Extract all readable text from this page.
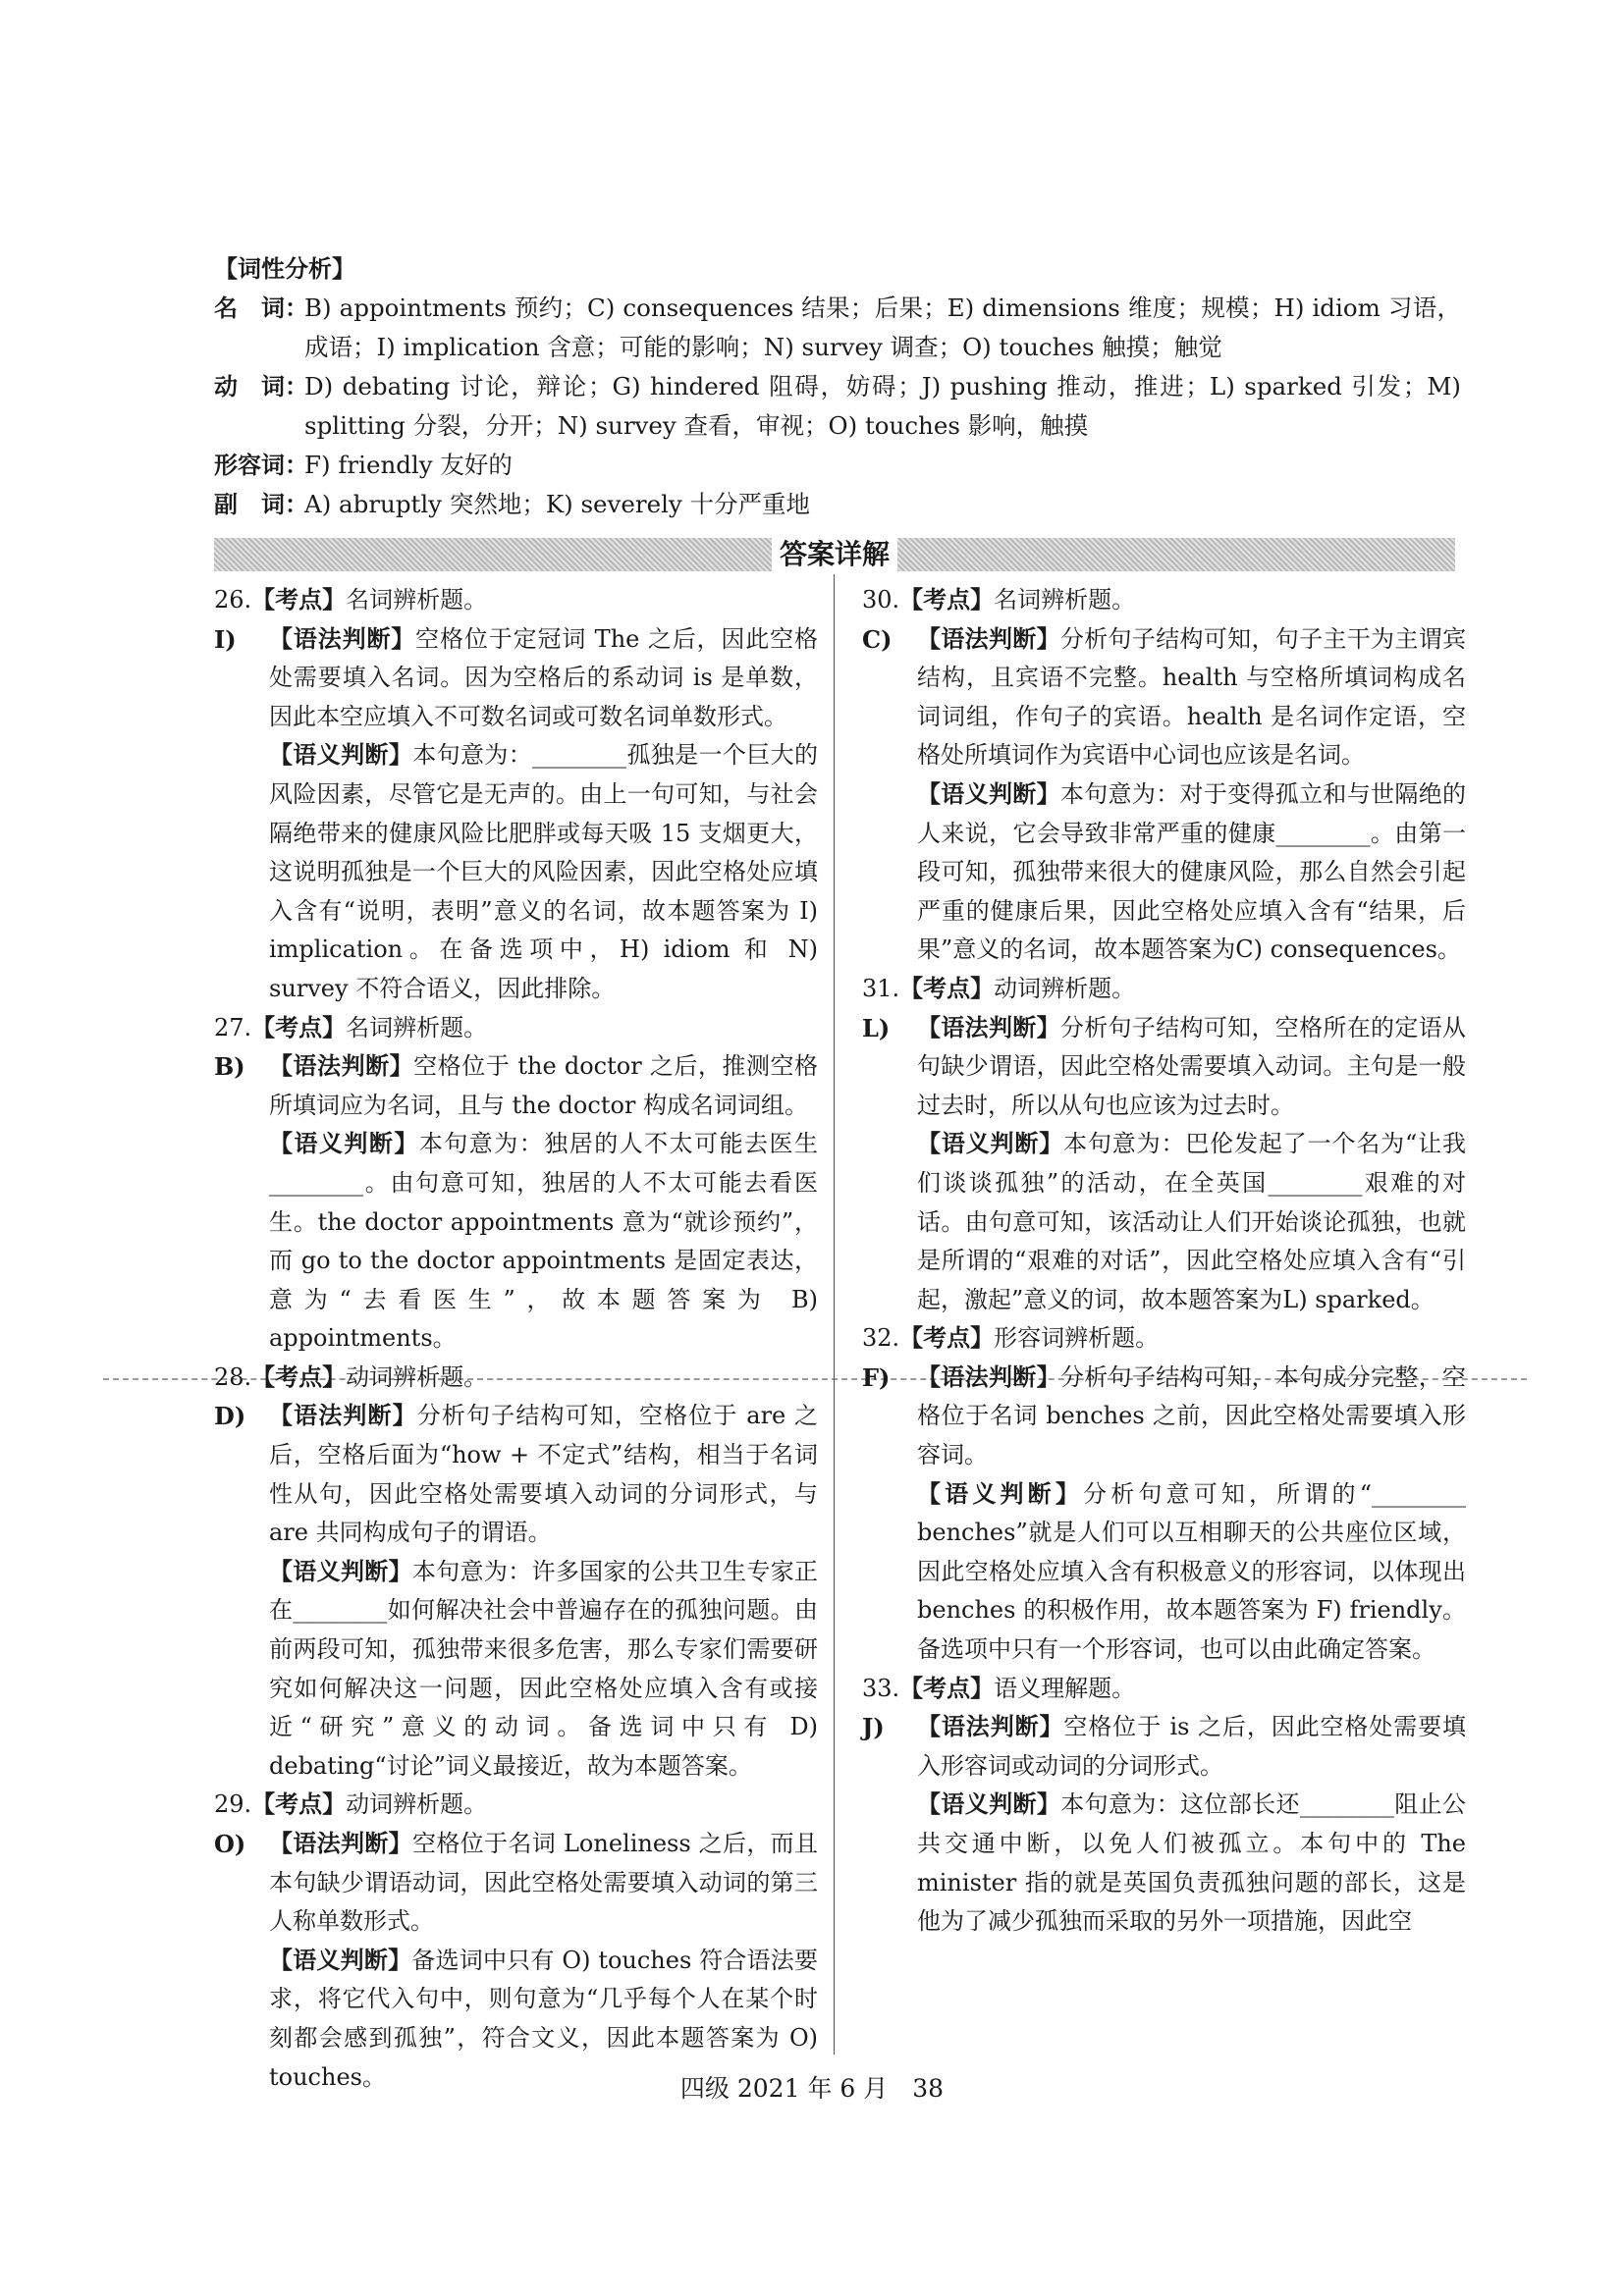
【词性分析】
名　词：
B) appointments 预约；C) consequences 结果；后果；E) dimensions 维度；规模；H) idiom 习语，成语；I) implication 含意；可能的影响；N) survey 调查；O) touches 触摸；触觉
动　词：
D) debating 讨论，辩论；G) hindered 阻碍，妨碍；J) pushing 推动，推进；L) sparked 引发；M) splitting 分裂，分开；N) survey 查看，审视；O) touches 影响，触摸
形容词：
F) friendly 友好的
副　词：
A) abruptly 突然地；K) severely 十分严重地
答案详解
26.【考点】名词辨析题。
I) 【语法判断】空格位于定冠词 The 之后，因此空格处需要填入名词。因为空格后的系动词 is 是单数，因此本空应填入不可数名词或可数名词单数形式。
【语义判断】本句意为：________孤独是一个巨大的风险因素，尽管它是无声的。由上一句可知，与社会隔绝带来的健康风险比肥胖或每天吸 15 支烟更大，这说明孤独是一个巨大的风险因素，因此空格处应填入含有“说明，表明”意义的名词，故本题答案为 I) implication。在备选项中，H) idiom 和 N) survey 不符合语义，因此排除。
27.【考点】名词辨析题。
B) 【语法判断】空格位于 the doctor 之后，推测空格所填词应为名词，且与 the doctor 构成名词词组。
【语义判断】本句意为：独居的人不太可能去医生________。由句意可知，独居的人不太可能去看医生。the doctor appointments 意为“就诊预约”，而 go to the doctor appointments 是固定表达，意为“去看医生”，故本题答案为 B) appointments。
28.【考点】动词辨析题。
D) 【语法判断】分析句子结构可知，空格位于 are 之后，空格后面为“how + 不定式”结构，相当于名词性从句，因此空格处需要填入动词的分词形式，与 are 共同构成句子的谓语。
【语义判断】本句意为：许多国家的公共卫生专家正在________如何解决社会中普遍存在的孤独问题。由前两段可知，孤独带来很多危害，那么专家们需要研究如何解决这一问题，因此空格处应填入含有或接近“研究”意义的动词。备选词中只有 D) debating“讨论”词义最接近，故为本题答案。
29.【考点】动词辨析题。
O) 【语法判断】空格位于名词 Loneliness 之后，而且本句缺少谓语动词，因此空格处需要填入动词的第三人称单数形式。
【语义判断】备选词中只有 O) touches 符合语法要求，将它代入句中，则句意为“几乎每个人在某个时刻都会感到孤独”，符合文义，因此本题答案为 O) touches。
30.【考点】名词辨析题。
C) 【语法判断】分析句子结构可知，句子主干为主谓宾结构，且宾语不完整。health 与空格所填词构成名词词组，作句子的宾语。health 是名词作定语，空格处所填词作为宾语中心词也应该是名词。
【语义判断】本句意为：对于变得孤立和与世隔绝的人来说，它会导致非常严重的健康________。由第一段可知，孤独带来很大的健康风险，那么自然会引起严重的健康后果，因此空格处应填入含有“结果，后果”意义的名词，故本题答案为C) consequences。
31.【考点】动词辨析题。
L) 【语法判断】分析句子结构可知，空格所在的定语从句缺少谓语，因此空格处需要填入动词。主句是一般过去时，所以从句也应该为过去时。
【语义判断】本句意为：巴伦发起了一个名为“让我们谈谈孤独”的活动，在全英国________艰难的对话。由句意可知，该活动让人们开始谈论孤独，也就是所谓的“艰难的对话”，因此空格处应填入含有“引起，激起”意义的词，故本题答案为L) sparked。
32.【考点】形容词辨析题。
F) 【语法判断】分析句子结构可知，本句成分完整，空格位于名词 benches 之前，因此空格处需要填入形容词。
【语义判断】分析句意可知，所谓的“________ benches”就是人们可以互相聊天的公共座位区域，因此空格处应填入含有积极意义的形容词，以体现出 benches 的积极作用，故本题答案为 F) friendly。备选项中只有一个形容词，也可以由此确定答案。
33.【考点】语义理解题。
J) 【语法判断】空格位于 is 之后，因此空格处需要填入形容词或动词的分词形式。
【语义判断】本句意为：这位部长还________阻止公共交通中断，以免人们被孤立。本句中的 The minister 指的就是英国负责孤独问题的部长，这是他为了减少孤独而采取的另外一项措施，因此空
四级 2021 年 6 月　38
